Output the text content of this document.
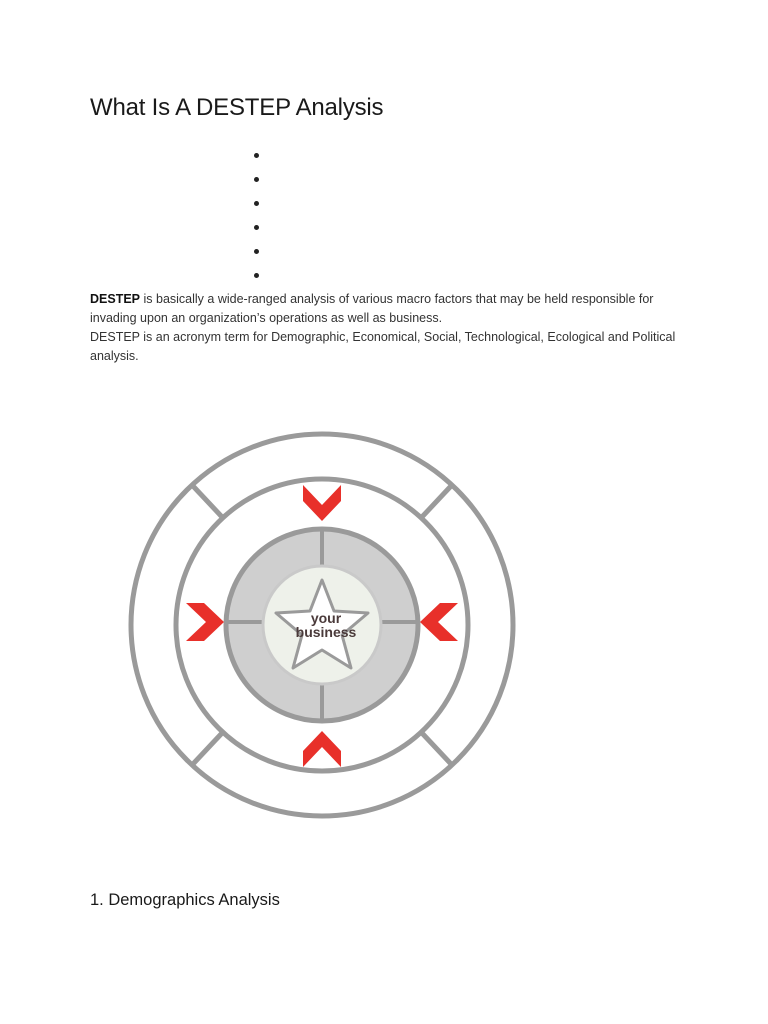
What Is A DESTEP Analysis

DESTEP is basically a wide-ranged analysis of various macro factors that may be held responsible for invading upon an organization’s operations as well as business.

DESTEP is an acronym term for Demographic, Economical, Social, Technological, Ecological and Political analysis.

your
business
1. Demographics Analysis
